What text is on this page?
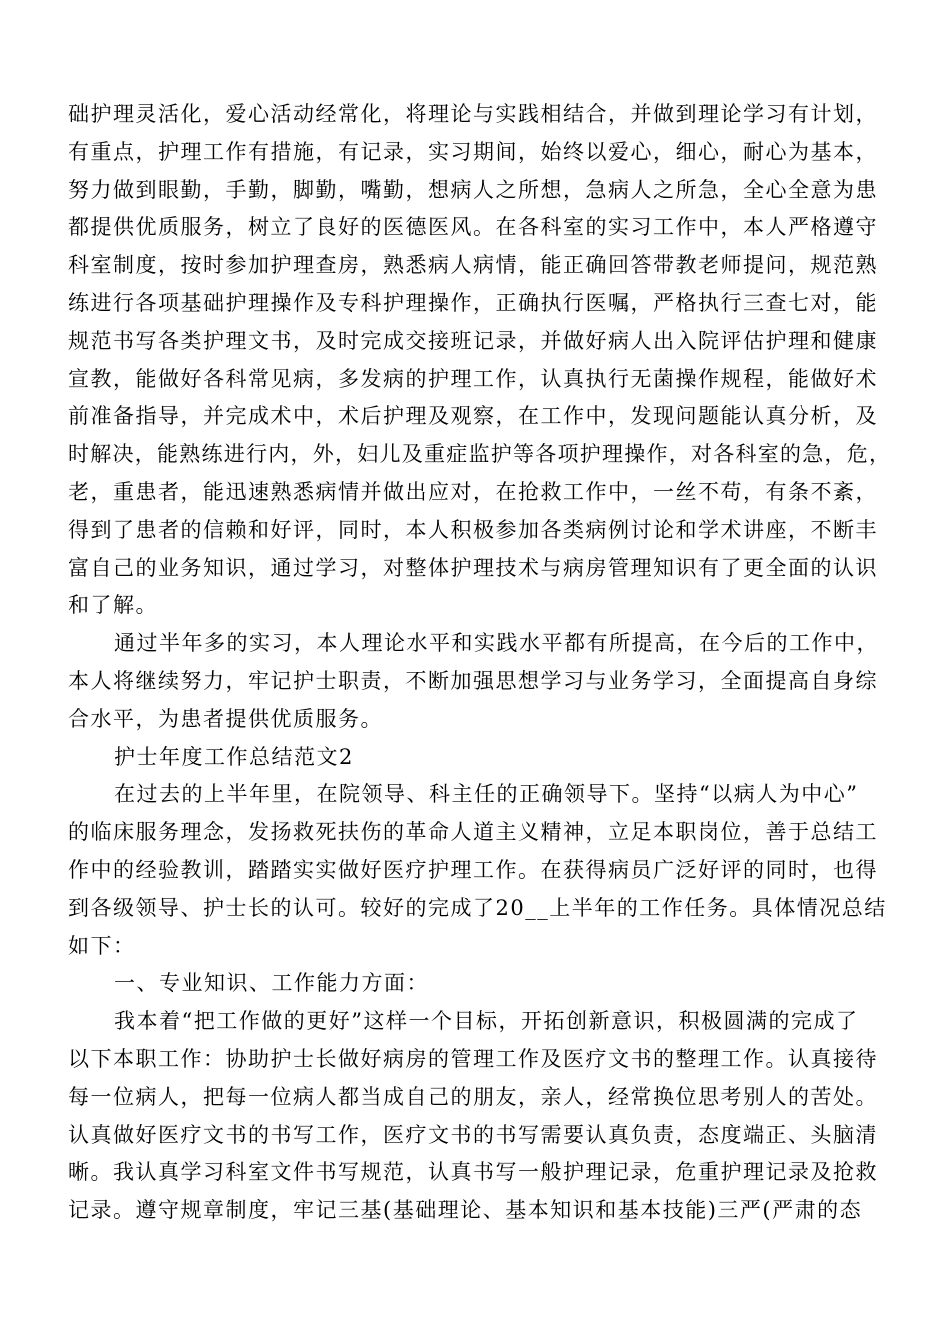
础护理灵活化，爱心活动经常化，将理论与实践相结合，并做到理论学习有计划，
有重点，护理工作有措施，有记录，实习期间，始终以爱心，细心，耐心为基本，
努力做到眼勤，手勤，脚勤，嘴勤，想病人之所想，急病人之所急，全心全意为患
都提供优质服务，树立了良好的医德医风。在各科室的实习工作中，本人严格遵守
科室制度，按时参加护理查房，熟悉病人病情，能正确回答带教老师提问，规范熟
练进行各项基础护理操作及专科护理操作，正确执行医嘱，严格执行三查七对，能
规范书写各类护理文书，及时完成交接班记录，并做好病人出入院评估护理和健康
宣教，能做好各科常见病，多发病的护理工作，认真执行无菌操作规程，能做好术
前准备指导，并完成术中，术后护理及观察，在工作中，发现问题能认真分析，及
时解决，能熟练进行内，外，妇儿及重症监护等各项护理操作，对各科室的急，危，
老，重患者，能迅速熟悉病情并做出应对，在抢救工作中，一丝不苟，有条不紊，
得到了患者的信赖和好评，同时，本人积极参加各类病例讨论和学术讲座，不断丰
富自己的业务知识，通过学习，对整体护理技术与病房管理知识有了更全面的认识
和了解。
通过半年多的实习，本人理论水平和实践水平都有所提高，在今后的工作中，
本人将继续努力，牢记护士职责，不断加强思想学习与业务学习，全面提高自身综
合水平，为患者提供优质服务。
护士年度工作总结范文2
在过去的上半年里，在院领导、科主任的正确领导下。坚持“以病人为中心”
的临床服务理念，发扬救死扶伤的革命人道主义精神，立足本职岗位，善于总结工
作中的经验教训，踏踏实实做好医疗护理工作。在获得病员广泛好评的同时，也得
到各级领导、护士长的认可。较好的完成了20__上半年的工作任务。具体情况总结
如下：
一、专业知识、工作能力方面：
我本着“把工作做的更好”这样一个目标，开拓创新意识，积极圆满的完成了
以下本职工作：协助护士长做好病房的管理工作及医疗文书的整理工作。认真接待
每一位病人，把每一位病人都当成自己的朋友，亲人，经常换位思考别人的苦处。
认真做好医疗文书的书写工作，医疗文书的书写需要认真负责，态度端正、头脑清
晰。我认真学习科室文件书写规范，认真书写一般护理记录，危重护理记录及抢救
记录。遵守规章制度，牢记三基(基础理论、基本知识和基本技能)三严(严肃的态
